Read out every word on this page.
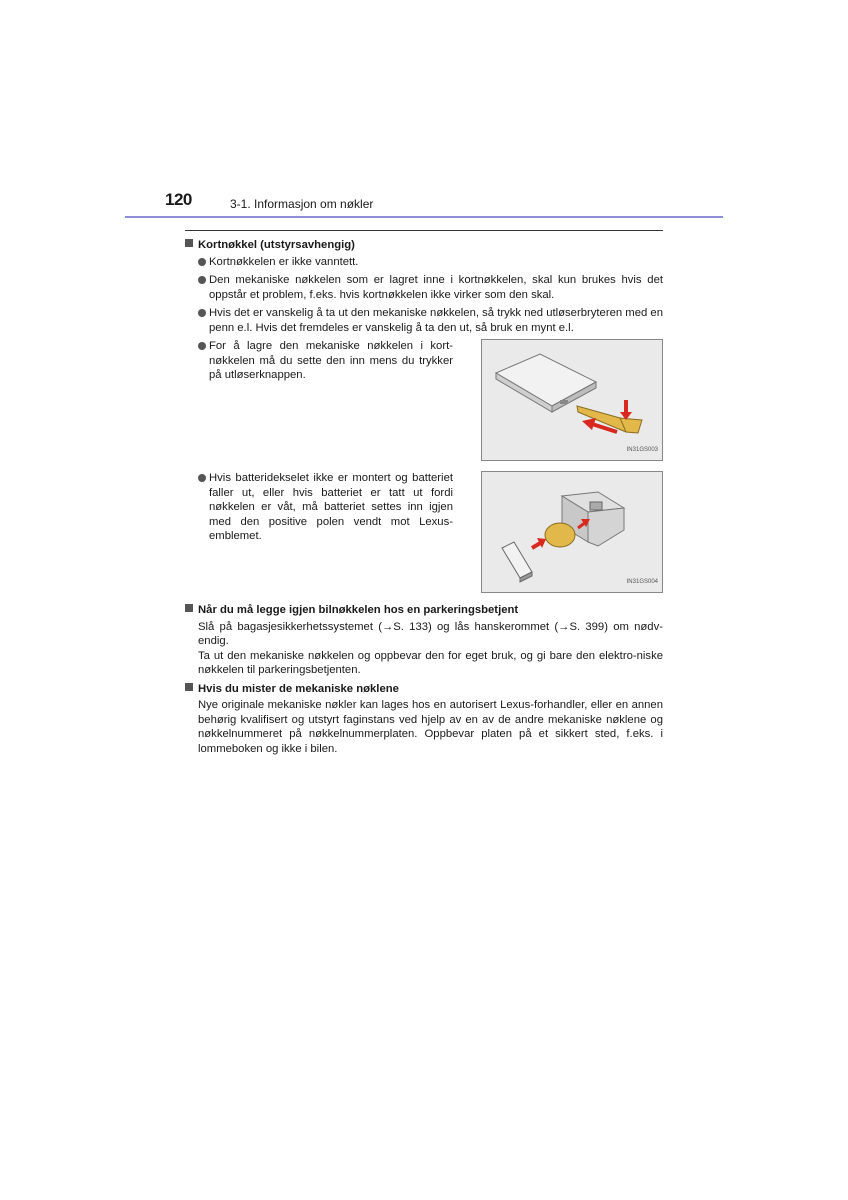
120	3-1. Informasjon om nøkler
Kortnøkkel (utstyrsavhengig)
Kortnøkkelen er ikke vanntett.
Den mekaniske nøkkelen som er lagret inne i kortnøkkelen, skal kun brukes hvis det oppstår et problem, f.eks. hvis kortnøkkelen ikke virker som den skal.
Hvis det er vanskelig å ta ut den mekaniske nøkkelen, så trykk ned utløserbryteren med en penn e.l. Hvis det fremdeles er vanskelig å ta den ut, så bruk en mynt e.l.
For å lagre den mekaniske nøkkelen i kort-nøkkelen må du sette den inn mens du trykker på utløserknappen.
IN31GS003
Hvis batteridekselet ikke er montert og batteriet faller ut, eller hvis batteriet er tatt ut fordi nøkkelen er våt, må batteriet settes inn igjen med den positive polen vendt mot Lexus-emblemet.
IN31GS004
Når du må legge igjen bilnøkkelen hos en parkeringsbetjent
Slå på bagasjesikkerhetssystemet (→S. 133) og lås hanskerommet (→S. 399) om nødv-endig.
Ta ut den mekaniske nøkkelen og oppbevar den for eget bruk, og gi bare den elektro-niske nøkkelen til parkeringsbetjenten.
Hvis du mister de mekaniske nøklene
Nye originale mekaniske nøkler kan lages hos en autorisert Lexus-forhandler, eller en annen behørig kvalifisert og utstyrt faginstans ved hjelp av en av de andre mekaniske nøklene og nøkkelnummeret på nøkkelnummerplaten. Oppbevar platen på et sikkert sted, f.eks. i lommeboken og ikke i bilen.
